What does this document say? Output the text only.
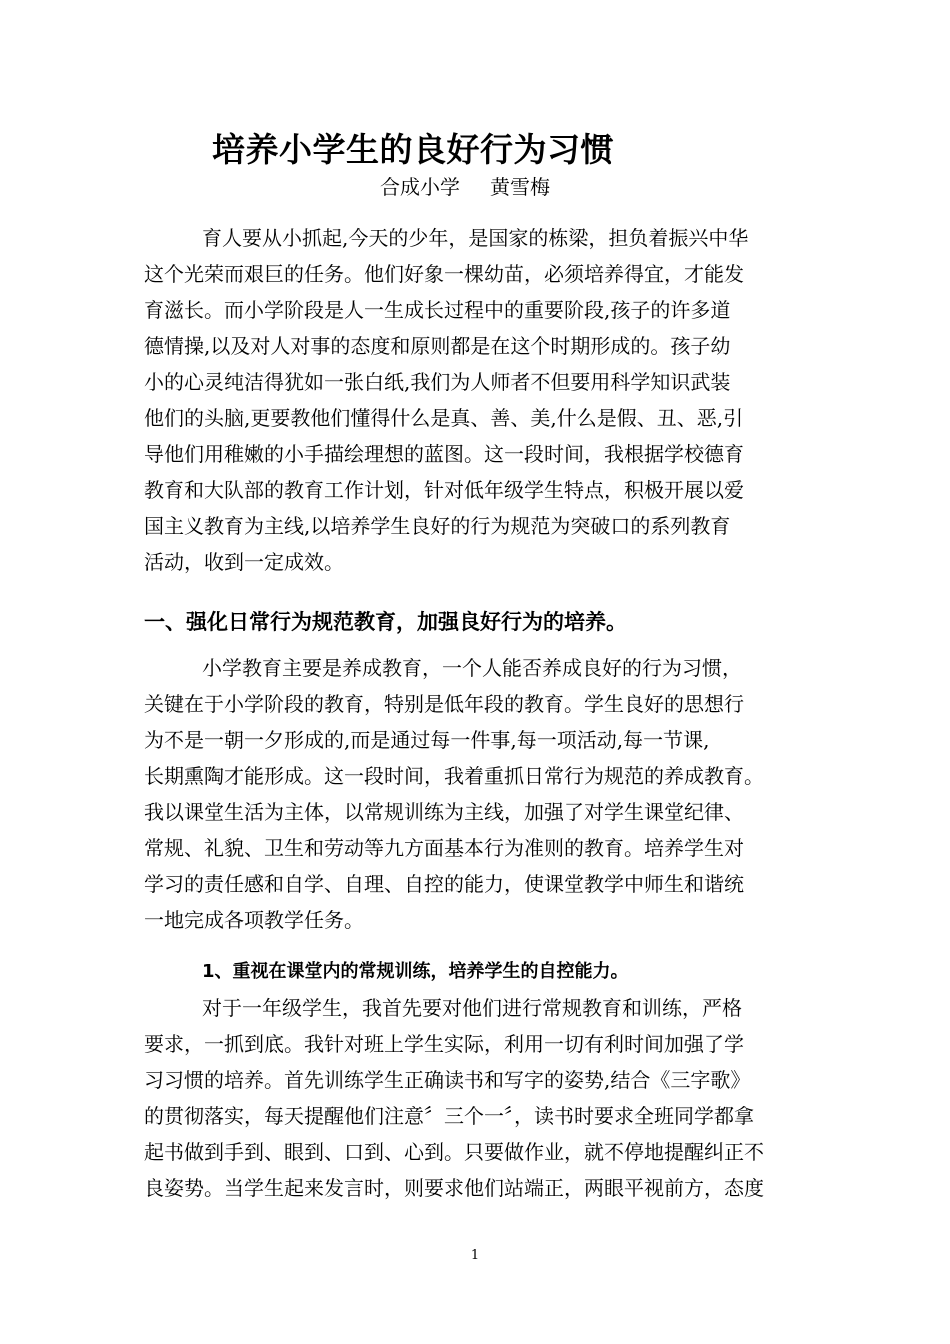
培养小学生的良好行为习惯
合成小学 黄雪梅
育人要从小抓起,今天的少年，是国家的栋梁，担负着振兴中华
这个光荣而艰巨的任务。他们好象一棵幼苗，必须培养得宜，才能发
育滋长。而小学阶段是人一生成长过程中的重要阶段,孩子的许多道
德情操,以及对人对事的态度和原则都是在这个时期形成的。孩子幼
小的心灵纯洁得犹如一张白纸,我们为人师者不但要用科学知识武装
他们的头脑,更要教他们懂得什么是真、善、美,什么是假、丑、恶,引
导他们用稚嫩的小手描绘理想的蓝图。这一段时间，我根据学校德育
教育和大队部的教育工作计划，针对低年级学生特点，积极开展以爱
国主义教育为主线,以培养学生良好的行为规范为突破口的系列教育
活动，收到一定成效。
一、强化日常行为规范教育，加强良好行为的培养。
小学教育主要是养成教育，一个人能否养成良好的行为习惯，
关键在于小学阶段的教育，特别是低年段的教育。学生良好的思想行
为不是一朝一夕形成的,而是通过每一件事,每一项活动,每一节课,
长期熏陶才能形成。这一段时间，我着重抓日常行为规范的养成教育。
我以课堂生活为主体，以常规训练为主线，加强了对学生课堂纪律、
常规、礼貌、卫生和劳动等九方面基本行为准则的教育。培养学生对
学习的责任感和自学、自理、自控的能力，使课堂教学中师生和谐统
一地完成各项教学任务。
1、重视在课堂内的常规训练，培养学生的自控能力。
对于一年级学生，我首先要对他们进行常规教育和训练，严格
要求，一抓到底。我针对班上学生实际，利用一切有利时间加强了学
习习惯的培养。首先训练学生正确读书和写字的姿势,结合《三字歌》
的贯彻落实，每天提醒他们注意〞三个一〞，读书时要求全班同学都拿
起书做到手到、眼到、口到、心到。只要做作业，就不停地提醒纠正不
良姿势。当学生起来发言时，则要求他们站端正，两眼平视前方，态度
1
